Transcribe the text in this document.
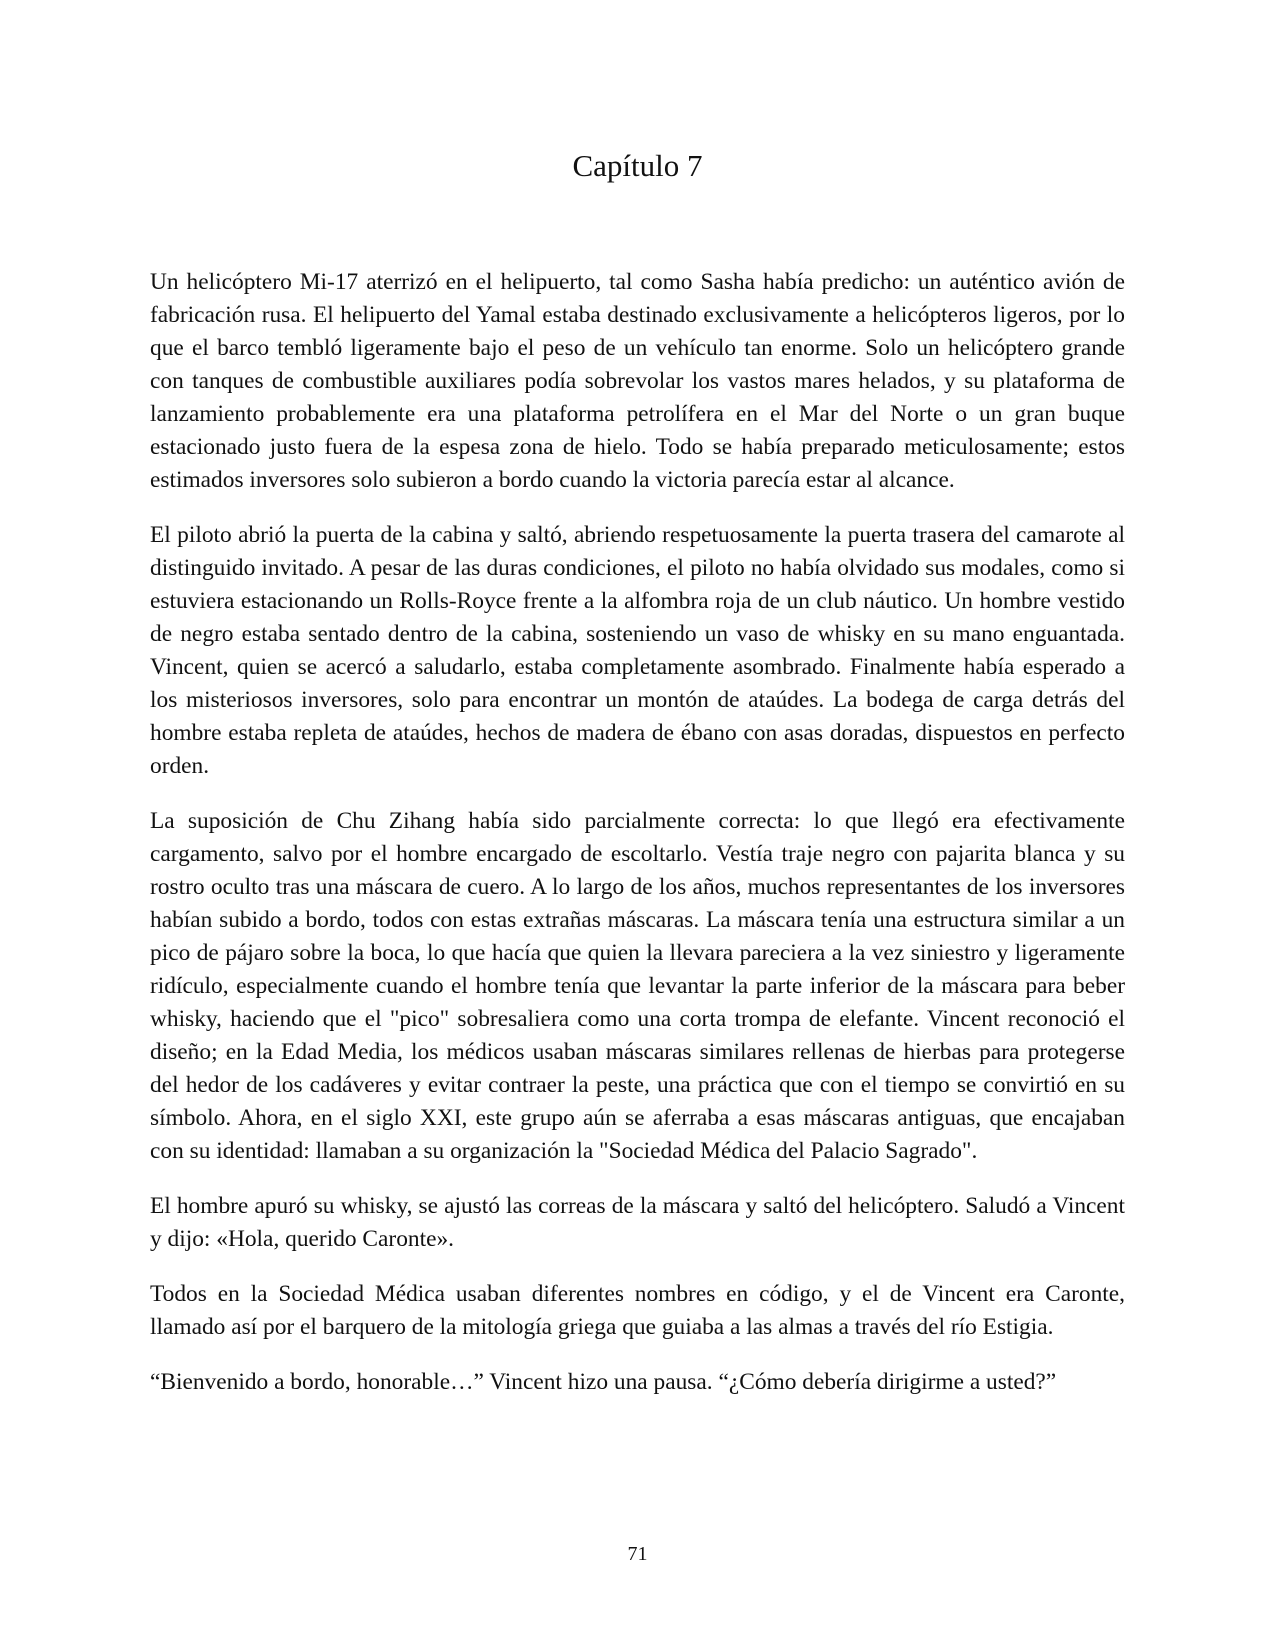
Capítulo 7

Un helicóptero Mi-17 aterrizó en el helipuerto, tal como Sasha había predicho: un auténtico avión de fabricación rusa. El helipuerto del Yamal estaba destinado exclusivamente a helicópteros ligeros, por lo que el barco tembló ligeramente bajo el peso de un vehículo tan enorme. Solo un helicóptero grande con tanques de combustible auxiliares podía sobrevolar los vastos mares helados, y su plataforma de lanzamiento probablemente era una plataforma petrolífera en el Mar del Norte o un gran buque estacionado justo fuera de la espesa zona de hielo. Todo se había preparado meticulosamente; estos estimados inversores solo subieron a bordo cuando la victoria parecía estar al alcance.

El piloto abrió la puerta de la cabina y saltó, abriendo respetuosamente la puerta trasera del camarote al distinguido invitado. A pesar de las duras condiciones, el piloto no había olvidado sus modales, como si estuviera estacionando un Rolls-Royce frente a la alfombra roja de un club náutico. Un hombre vestido de negro estaba sentado dentro de la cabina, sosteniendo un vaso de whisky en su mano enguantada. Vincent, quien se acercó a saludarlo, estaba completamente asombrado. Finalmente había esperado a los misteriosos inversores, solo para encontrar un montón de ataúdes. La bodega de carga detrás del hombre estaba repleta de ataúdes, hechos de madera de ébano con asas doradas, dispuestos en perfecto orden.

La suposición de Chu Zihang había sido parcialmente correcta: lo que llegó era efectivamente cargamento, salvo por el hombre encargado de escoltarlo. Vestía traje negro con pajarita blanca y su rostro oculto tras una máscara de cuero. A lo largo de los años, muchos representantes de los inversores habían subido a bordo, todos con estas extrañas máscaras. La máscara tenía una estructura similar a un pico de pájaro sobre la boca, lo que hacía que quien la llevara pareciera a la vez siniestro y ligeramente ridículo, especialmente cuando el hombre tenía que levantar la parte inferior de la máscara para beber whisky, haciendo que el "pico" sobresaliera como una corta trompa de elefante. Vincent reconoció el diseño; en la Edad Media, los médicos usaban máscaras similares rellenas de hierbas para protegerse del hedor de los cadáveres y evitar contraer la peste, una práctica que con el tiempo se convirtió en su símbolo. Ahora, en el siglo XXI, este grupo aún se aferraba a esas máscaras antiguas, que encajaban con su identidad: llamaban a su organización la "Sociedad Médica del Palacio Sagrado".

El hombre apuró su whisky, se ajustó las correas de la máscara y saltó del helicóptero. Saludó a Vincent y dijo: «Hola, querido Caronte».

Todos en la Sociedad Médica usaban diferentes nombres en código, y el de Vincent era Caronte, llamado así por el barquero de la mitología griega que guiaba a las almas a través del río Estigia.

“Bienvenido a bordo, honorable…” Vincent hizo una pausa. “¿Cómo debería dirigirme a usted?”

71
